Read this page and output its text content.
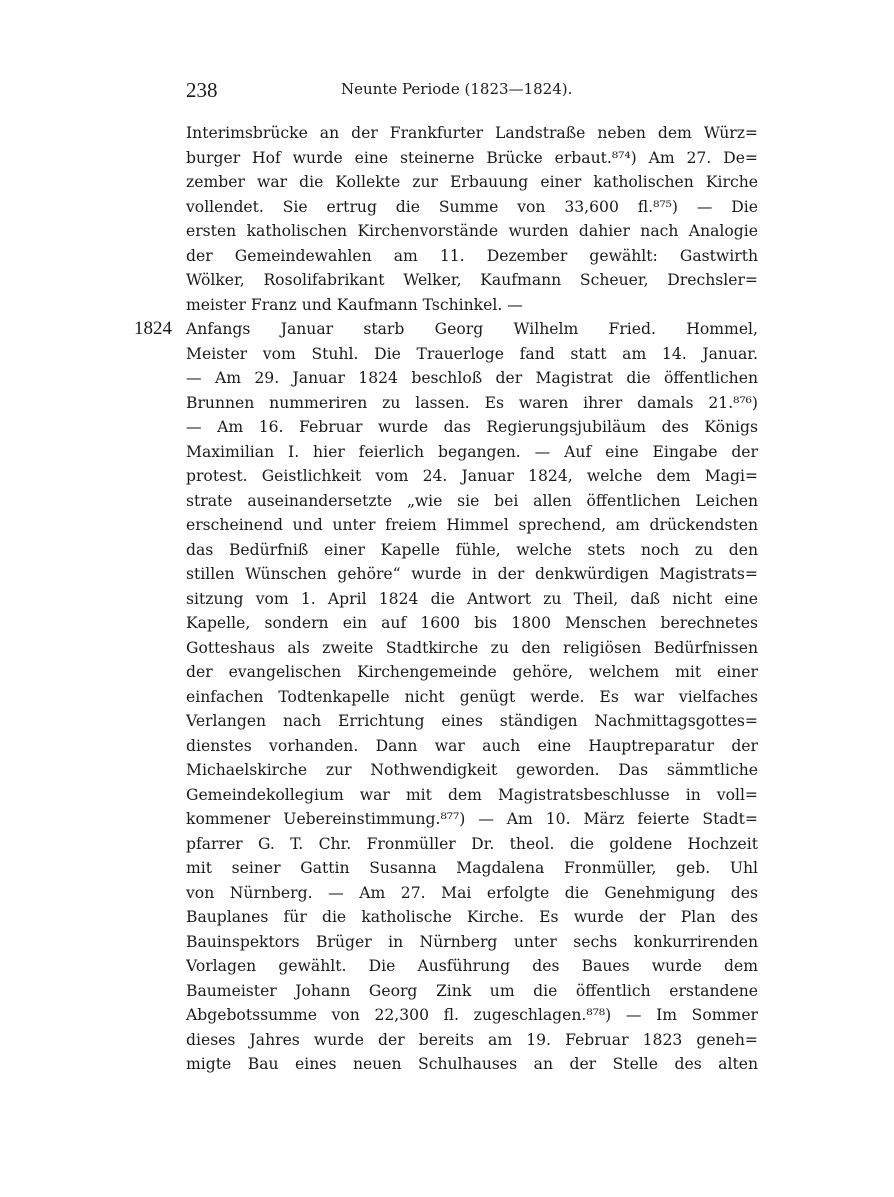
238	Neunte Periode (1823—1824).
1824
Interimsbrücke an der Frankfurter Landstraße neben dem Würz=
burger Hof wurde eine steinerne Brücke erbaut.⁸⁷⁴) Am 27. De=
zember war die Kollekte zur Erbauung einer katholischen Kirche
vollendet. Sie ertrug die Summe von 33,600 fl.⁸⁷⁵) — Die
ersten katholischen Kirchenvorstände wurden dahier nach Analogie
der Gemeindewahlen am 11. Dezember gewählt: Gastwirth
Wölker, Rosolifabrikant Welker, Kaufmann Scheuer, Drechsler=
meister Franz und Kaufmann Tschinkel. —
Anfangs Januar starb Georg Wilhelm Fried. Hommel,
Meister vom Stuhl. Die Trauerloge fand statt am 14. Januar.
— Am 29. Januar 1824 beschloß der Magistrat die öffentlichen
Brunnen nummeriren zu lassen. Es waren ihrer damals 21.⁸⁷⁶)
— Am 16. Februar wurde das Regierungsjubiläum des Königs
Maximilian I. hier feierlich begangen. — Auf eine Eingabe der
protest. Geistlichkeit vom 24. Januar 1824, welche dem Magi=
strate auseinandersetzte „wie sie bei allen öffentlichen Leichen
erscheinend und unter freiem Himmel sprechend, am drückendsten
das Bedürfniß einer Kapelle fühle, welche stets noch zu den
stillen Wünschen gehöre“ wurde in der denkwürdigen Magistrats=
sitzung vom 1. April 1824 die Antwort zu Theil, daß nicht eine
Kapelle, sondern ein auf 1600 bis 1800 Menschen berechnetes
Gotteshaus als zweite Stadtkirche zu den religiösen Bedürfnissen
der evangelischen Kirchengemeinde gehöre, welchem mit einer
einfachen Todtenkapelle nicht genügt werde. Es war vielfaches
Verlangen nach Errichtung eines ständigen Nachmittagsgottes=
dienstes vorhanden. Dann war auch eine Hauptreparatur der
Michaelskirche zur Nothwendigkeit geworden. Das sämmtliche
Gemeindekollegium war mit dem Magistratsbeschlusse in voll=
kommener Uebereinstimmung.⁸⁷⁷) — Am 10. März feierte Stadt=
pfarrer G. T. Chr. Fronmüller Dr. theol. die goldene Hochzeit
mit seiner Gattin Susanna Magdalena Fronmüller, geb. Uhl
von Nürnberg. — Am 27. Mai erfolgte die Genehmigung des
Bauplanes für die katholische Kirche. Es wurde der Plan des
Bauinspektors Brüger in Nürnberg unter sechs konkurrirenden
Vorlagen gewählt. Die Ausführung des Baues wurde dem
Baumeister Johann Georg Zink um die öffentlich erstandene
Abgebotssumme von 22,300 fl. zugeschlagen.⁸⁷⁸) — Im Sommer
dieses Jahres wurde der bereits am 19. Februar 1823 geneh=
migte Bau eines neuen Schulhauses an der Stelle des alten
